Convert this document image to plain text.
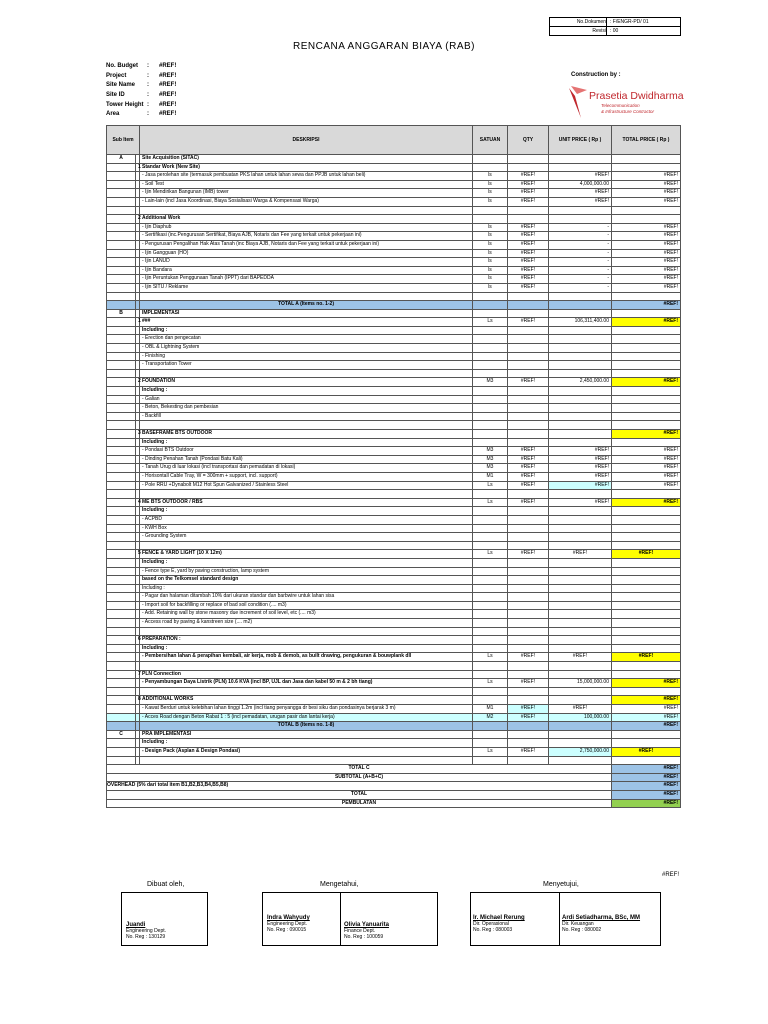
No.Dokumen : F/ENGR-PD/ 01
Revisi : 00
RENCANA ANGGARAN BIAYA (RAB)
No. Budget	:	#REF!
Project	:	#REF!
Site Name	:	#REF!
Site ID	:	#REF!
Tower Height :	#REF!
Area	:	#REF!
Construction by :
Prasetia Dwidharma
Telecommunication
& Infrastructure Contractor
Sub Item		DESKRIPSI	SATUAN	QTY	UNIT PRICE ( Rp )	TOTAL PRICE ( Rp )
A		Site Acquisition (SITAC)				
	1	Standar Work (New Site)				
		- Jasa perolehan site (termasuk pembuatan PKS lahan untuk lahan sewa dan PPJB untuk lahan beli)	ls	#REF!	#REF!	#REF!
		- Soil Test	ls	#REF!	4,000,000.00	#REF!
		- Ijin Mendirikan Bangunan (IMB) tower	ls	#REF!	#REF!	#REF!
		- Lain-lain (incl Jasa Koordinasi, Biaya Sosialisasi Warga & Kompensasi Warga)	ls	#REF!	#REF!	#REF!

	2	Additional Work				
		- Ijin Diaphub	ls	#REF!	-	#REF!
		- Sertifikasi (inc.Pengurusan Sertifikat, Biaya AJB, Notaris dan Fee yang terkait untuk pekerjaan ini)	ls	#REF!	-	#REF!
		- Pengurusan Pengalihan Hak Atas Tanah (inc Biaya AJB, Notaris dan Fee yang terkait untuk pekerjaan ini)	ls	#REF!	-	#REF!
		- Ijin Gangguan (HO)	ls	#REF!	-	#REF!
		- Ijin LANUD	ls	#REF!	-	#REF!
		- Ijin Bandara	ls	#REF!	-	#REF!
		- Ijin Peruntukan Penggunaan Tanah (IPPT) dari BAPEDDA	ls	#REF!	-	#REF!
		- Ijin SITU / Reklame	ls	#REF!	-	#REF!

		TOTAL A (Items no. 1-2)				#REF!
B		IMPLEMENTASI				
	1	###	Ls	#REF!	106,311,400.00	#REF!
		Including :				
		- Erection dan pengecatan				
		- OBL & Lightning System				
		- Finishing				
		- Transportation Tower				

	2	FOUNDATION	M3	#REF!	2,450,000.00	#REF!
		Including :				
		- Galian				
		- Beton, Bekesting dan pembesian				
		- Backfill				

	3	BASEFRAME BTS OUTDOOR				#REF!
		Including :				
		- Pondasi BTS Outdoor	M3	#REF!	#REF!	#REF!
		- Dinding Penahan Tanah (Pondasi Batu Kali)	M3	#REF!	#REF!	#REF!
		- Tanah Urug di luar lokasi (incl transportasi dan pemadatan di lokasi)	M3	#REF!	#REF!	#REF!
		- Horisontall Cable Tray, W = 300mm + support, incl. support)	M1	#REF!	#REF!	#REF!
		- Pole RRU +Dynabolt M12 Hot Spun Galvanized / Stainless Steel	Ls	#REF!	#REF!	#REF!

	4	ME BTS OUTDOOR / RBS	Ls	#REF!	#REF!	#REF!
		Including :				
		- ACPBD				
		- KWH Box				
		- Grounding System				

	5	FENCE & YARD LIGHT (10 X 12m)	Ls	#REF!	#REF!	#REF!
		Including :				
		- Fence type E, yard by paving construction, lamp system				
		based on the Telkomsel standard design				
		Including :				
		- Pagar dan halaman ditambah 10% dari ukuran standar dan barbwire untuk lahan sisa				
		- Import soil for backfilling or replace of bad soil condition (.... m3)				
		- Add. Retaining wall by stone masonry due increment of soil level, etc (.... m3)				
		- Access road by paving & kanstreen size (.... m2)				

	6	PREPARATION :				
		Including :				
		- Pembersihan lahan & perapihan kembali, air kerja, mob & demob, as built drawing, pengukuran & bouwplank dll	Ls	#REF!	#REF!	#REF!

	7	PLN Connection				
		- Penyambungan Daya Listrik (PLN) 10.6 KVA (incl BP, UJL dan Jasa dan kabel 50 m & 2 bh tiang)	Ls	#REF!	15,000,000.00	#REF!

	8	ADDITIONAL WORKS				#REF!
		- Kawat Berduri untuk kelebihan lahan tinggi 1.2m (incl tiang penyangga dr besi siku dan pondasinya berjarak 3 m)	M1	#REF!	#REF!	#REF!
		- Acces Road dengan Beton Rabat 1 : 5 (incl pemadatan, urugan pasir dan lantai kerja)	M2	#REF!	100,000.00	#REF!
		TOTAL B (Items no. 1-8)				#REF!
C		PRA IMPLEMENTASI				
		Including :				
		- Design Pack (Asplan & Design Pondasi)	Ls	#REF!	2,750,000.00	#REF!

TOTAL C						#REF!
SUBTOTAL (A+B+C)						#REF!
OVERHEAD (5% dari total item B1,B2,B3,B4,B5,B8)						#REF!
TOTAL						#REF!
PEMBULATAN						#REF!
#REF!
Dibuat oleh,	Mengetahui,	Menyetujui,
Juandi
Engineering Dept.
No. Reg : 130129
Indra Wahyudy
Engineering Dept.
No. Reg : 090015
Olivia Yanuarita
Finance Dept.
No. Reg : 100059
Ir. Michael Rerung
Dir. Operasional
No. Reg : 080003
Ardi Setiadharma, BSc, MM
Dir. Keuangan
No. Reg : 080002
